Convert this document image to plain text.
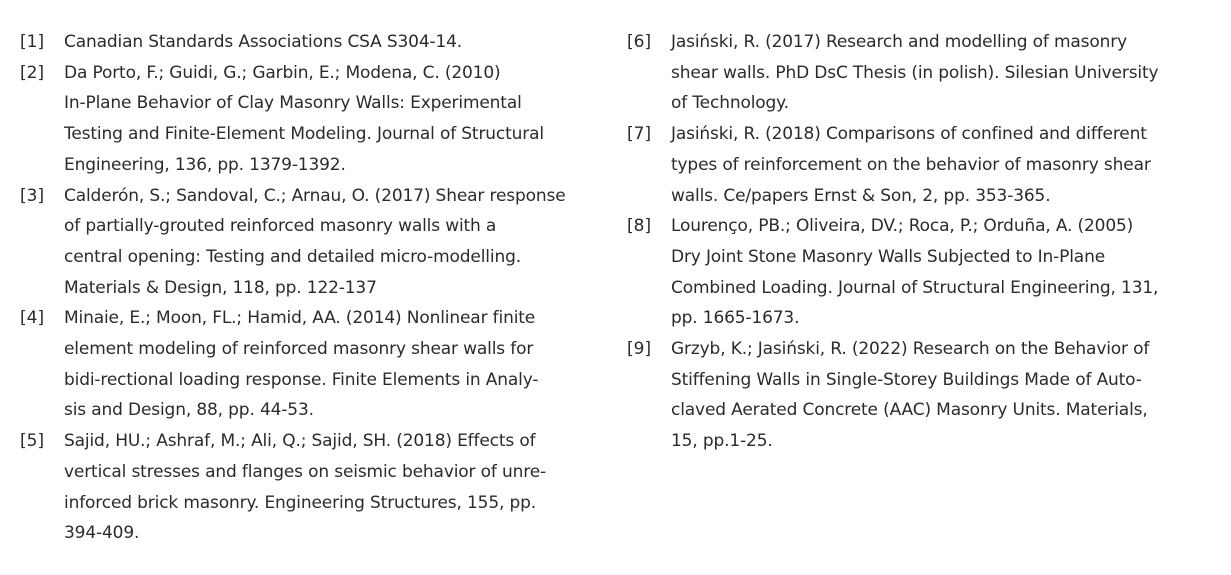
[1]	Canadian Standards Associations CSA S304-14.
[2]	Da Porto, F.; Guidi, G.; Garbin, E.; Modena, C. (2010)
In-Plane Behavior of Clay Masonry Walls: Experimental
Testing and Finite-Element Modeling. Journal of Structural
Engineering, 136, pp. 1379-1392.
[3]	Calderón, S.; Sandoval, C.; Arnau, O. (2017) Shear response
of partially-grouted reinforced masonry walls with a
central opening: Testing and detailed micro-modelling.
Materials & Design, 118, pp. 122-137
[4]	Minaie, E.; Moon, FL.; Hamid, AA. (2014) Nonlinear finite
element modeling of reinforced masonry shear walls for
bidi-rectional loading response. Finite Elements in Analy-
sis and Design, 88, pp. 44-53.
[5]	Sajid, HU.; Ashraf, M.; Ali, Q.; Sajid, SH. (2018) Effects of
vertical stresses and flanges on seismic behavior of unre-
inforced brick masonry. Engineering Structures, 155, pp.
394-409.
[6]	Jasiński, R. (2017) Research and modelling of masonry
shear walls. PhD DsC Thesis (in polish). Silesian University
of Technology.
[7]	Jasiński, R. (2018) Comparisons of confined and different
types of reinforcement on the behavior of masonry shear
walls. Ce/papers Ernst & Son, 2, pp. 353-365.
[8]	Lourenço, PB.; Oliveira, DV.; Roca, P.; Orduña, A. (2005)
Dry Joint Stone Masonry Walls Subjected to In-Plane
Combined Loading. Journal of Structural Engineering, 131,
pp. 1665-1673.
[9]	Grzyb, K.; Jasiński, R. (2022) Research on the Behavior of
Stiffening Walls in Single-Storey Buildings Made of Auto-
claved Aerated Concrete (AAC) Masonry Units. Materials,
15, pp.1-25.
